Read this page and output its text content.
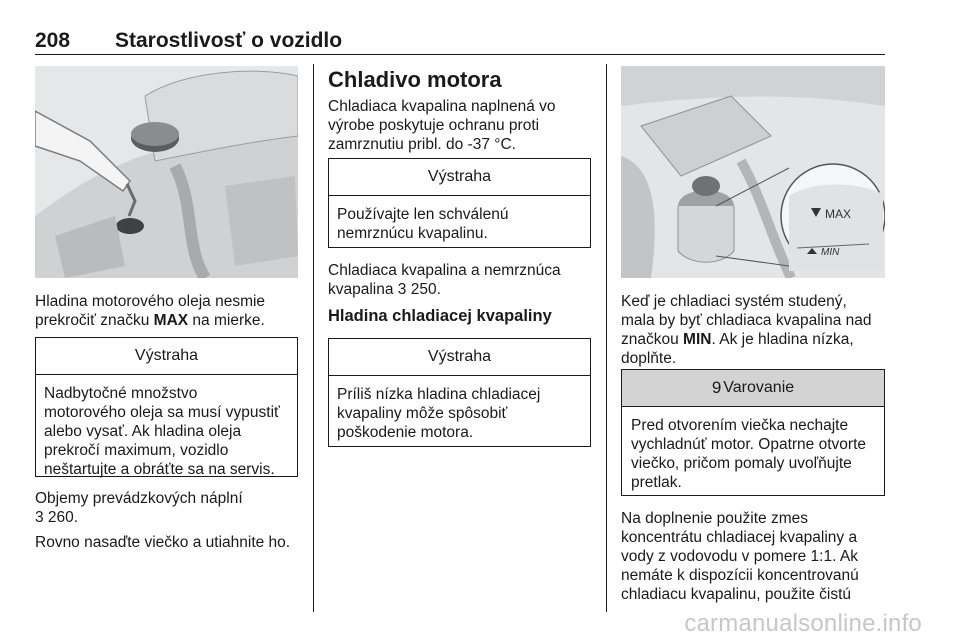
208 Starostlivosť o vozidlo

Hladina motorového oleja nesmie

prekročiť značku MAX na mierke.

Výstraha
Nadbytočné množstvo
motorového oleja sa musí vypustiť
alebo vysať. Ak hladina oleja
prekročí maximum, vozidlo
neštartujte a obráťte sa na servis.

Objemy prevádzkových náplní

3 260.

Rovno nasaďte viečko a utiahnite ho.

Chladivo motora

Chladiaca kvapalina naplnená vo

výrobe poskytuje ochranu proti

zamrznutiu pribl. do -37 °C.

Výstraha
Používajte len schválenú
nemrznúcu kvapalinu.

Chladiaca kvapalina a nemrznúca

kvapalina 3 250.

Hladina chladiacej kvapaliny
Výstraha
Príliš nízka hladina chladiacej
kvapaliny môže spôsobiť
poškodenie motora.
MAX
MIN

Keď je chladiaci systém studený,

mala by byť chladiaca kvapalina nad

značkou MIN. Ak je hladina nízka,

doplňte.

9 Varovanie
Pred otvorením viečka nechajte
vychladnúť motor. Opatrne otvorte
viečko, pričom pomaly uvoľňujte
pretlak.

Na doplnenie použite zmes

koncentrátu chladiacej kvapaliny a

vody z vodovodu v pomere 1:1. Ak

nemáte k dispozícii koncentrovanú

chladiacu kvapalinu, použite čistú

carmanualsonline.info
